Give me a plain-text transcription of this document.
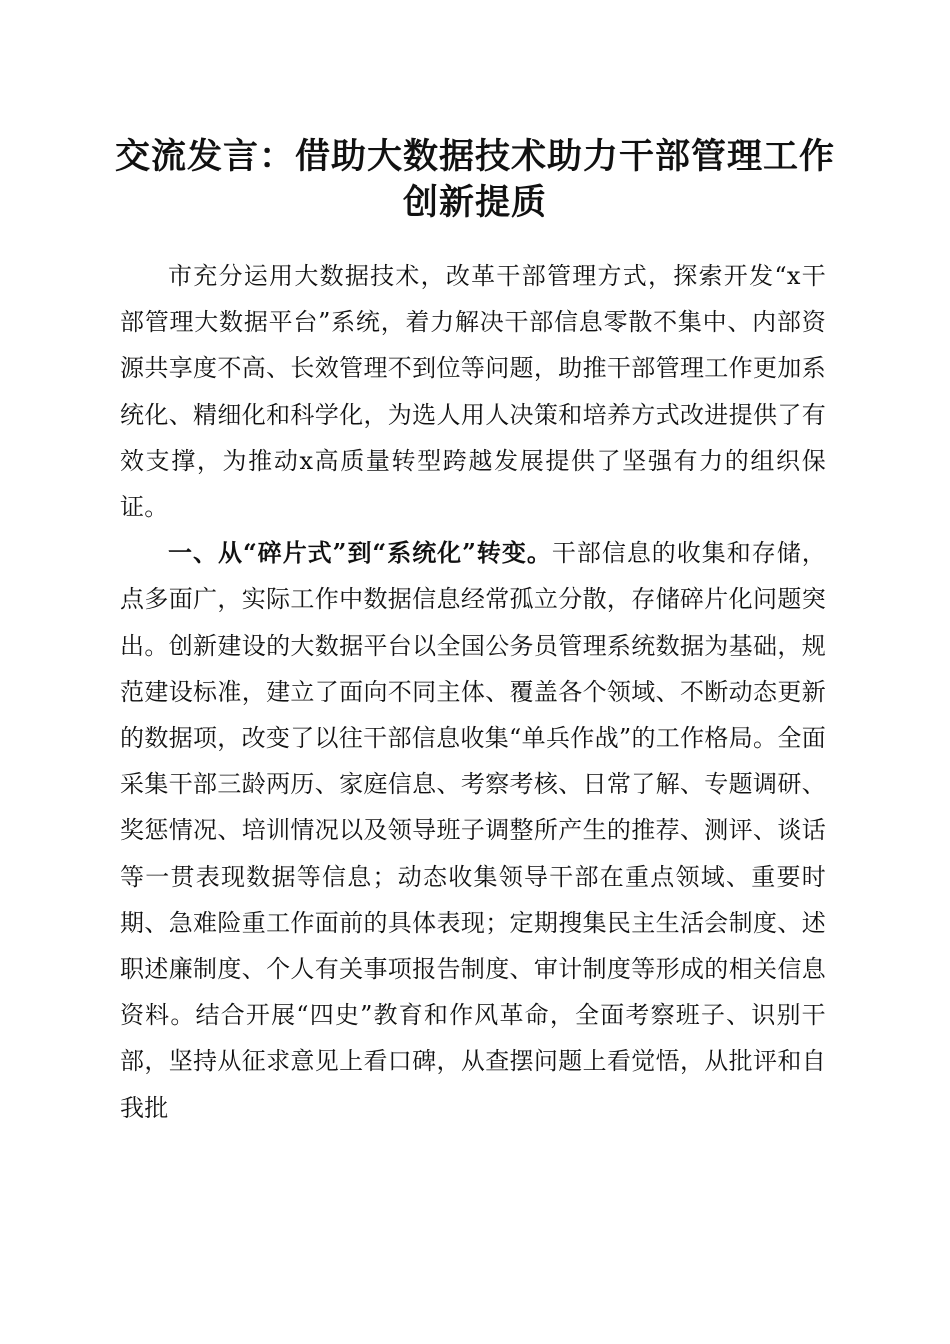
交流发言：借助大数据技术助力干部管理工作
创新提质

市充分运用大数据技术，改革干部管理方式，探索开发“x干部管理大数据平台”系统，着力解决干部信息零散不集中、内部资源共享度不高、长效管理不到位等问题，助推干部管理工作更加系统化、精细化和科学化，为选人用人决策和培养方式改进提供了有效支撑，为推动x高质量转型跨越发展提供了坚强有力的组织保证。

一、从“碎片式”到“系统化”转变。干部信息的收集和存储，点多面广，实际工作中数据信息经常孤立分散，存储碎片化问题突出。创新建设的大数据平台以全国公务员管理系统数据为基础，规范建设标准，建立了面向不同主体、覆盖各个领域、不断动态更新的数据项，改变了以往干部信息收集“单兵作战”的工作格局。全面采集干部三龄两历、家庭信息、考察考核、日常了解、专题调研、奖惩情况、培训情况以及领导班子调整所产生的推荐、测评、谈话等一贯表现数据等信息；动态收集领导干部在重点领域、重要时期、急难险重工作面前的具体表现；定期搜集民主生活会制度、述职述廉制度、个人有关事项报告制度、审计制度等形成的相关信息资料。结合开展“四史”教育和作风革命，全面考察班子、识别干部，坚持从征求意见上看口碑，从查摆问题上看觉悟，从批评和自我批
